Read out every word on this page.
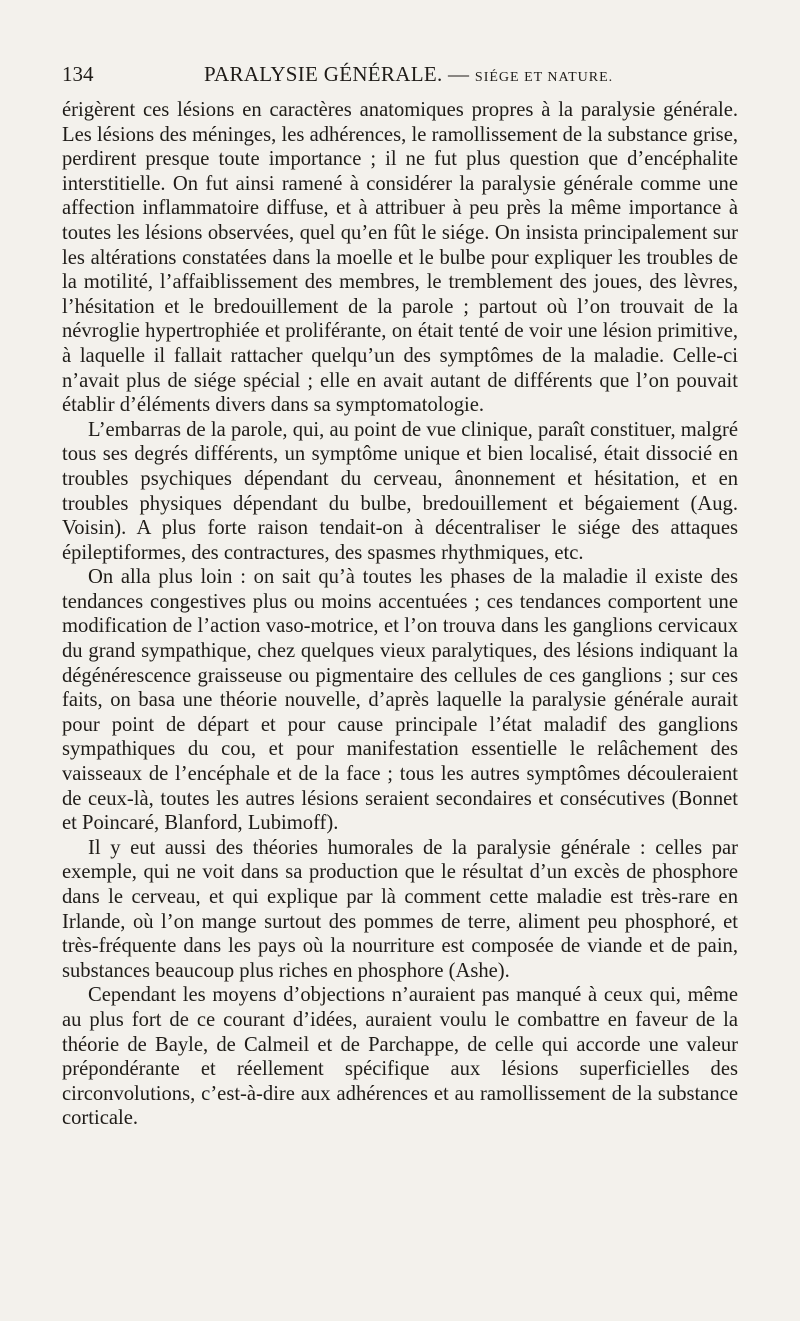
134	PARALYSIE GÉNÉRALE. — SIÉGE ET NATURE.

érigèrent ces lésions en caractères anatomiques propres à la paralysie générale. Les lésions des méninges, les adhérences, le ramollissement de la substance grise, perdirent presque toute importance ; il ne fut plus question que d’encéphalite interstitielle. On fut ainsi ramené à considérer la paralysie générale comme une affection inflammatoire diffuse, et à attribuer à peu près la même importance à toutes les lésions observées, quel qu’en fût le siége. On insista principalement sur les altérations constatées dans la moelle et le bulbe pour expliquer les troubles de la motilité, l’affaiblissement des membres, le tremblement des joues, des lèvres, l’hésitation et le bredouillement de la parole ; partout où l’on trouvait de la névroglie hypertrophiée et proliférante, on était tenté de voir une lésion primitive, à laquelle il fallait rattacher quelqu’un des symptômes de la maladie. Celle-ci n’avait plus de siége spécial ; elle en avait autant de différents que l’on pouvait établir d’éléments divers dans sa symptomatologie.

L’embarras de la parole, qui, au point de vue clinique, paraît constituer, malgré tous ses degrés différents, un symptôme unique et bien localisé, était dissocié en troubles psychiques dépendant du cerveau, ânonnement et hésitation, et en troubles physiques dépendant du bulbe, bredouillement et bégaiement (Aug. Voisin). A plus forte raison tendait-on à décentraliser le siége des attaques épileptiformes, des contractures, des spasmes rhythmiques, etc.

On alla plus loin : on sait qu’à toutes les phases de la maladie il existe des tendances congestives plus ou moins accentuées ; ces tendances comportent une modification de l’action vaso-motrice, et l’on trouva dans les ganglions cervicaux du grand sympathique, chez quelques vieux paralytiques, des lésions indiquant la dégénérescence graisseuse ou pigmentaire des cellules de ces ganglions ; sur ces faits, on basa une théorie nouvelle, d’après laquelle la paralysie générale aurait pour point de départ et pour cause principale l’état maladif des ganglions sympathiques du cou, et pour manifestation essentielle le relâchement des vaisseaux de l’encéphale et de la face ; tous les autres symptômes découleraient de ceux-là, toutes les autres lésions seraient secondaires et consécutives (Bonnet et Poincaré, Blanford, Lubimoff).

Il y eut aussi des théories humorales de la paralysie générale : celles par exemple, qui ne voit dans sa production que le résultat d’un excès de phosphore dans le cerveau, et qui explique par là comment cette maladie est très-rare en Irlande, où l’on mange surtout des pommes de terre, aliment peu phosphoré, et très-fréquente dans les pays où la nourriture est composée de viande et de pain, substances beaucoup plus riches en phosphore (Ashe).

Cependant les moyens d’objections n’auraient pas manqué à ceux qui, même au plus fort de ce courant d’idées, auraient voulu le combattre en faveur de la théorie de Bayle, de Calmeil et de Parchappe, de celle qui accorde une valeur prépondérante et réellement spécifique aux lésions superficielles des circonvolutions, c’est-à-dire aux adhérences et au ramollissement de la substance corticale.
